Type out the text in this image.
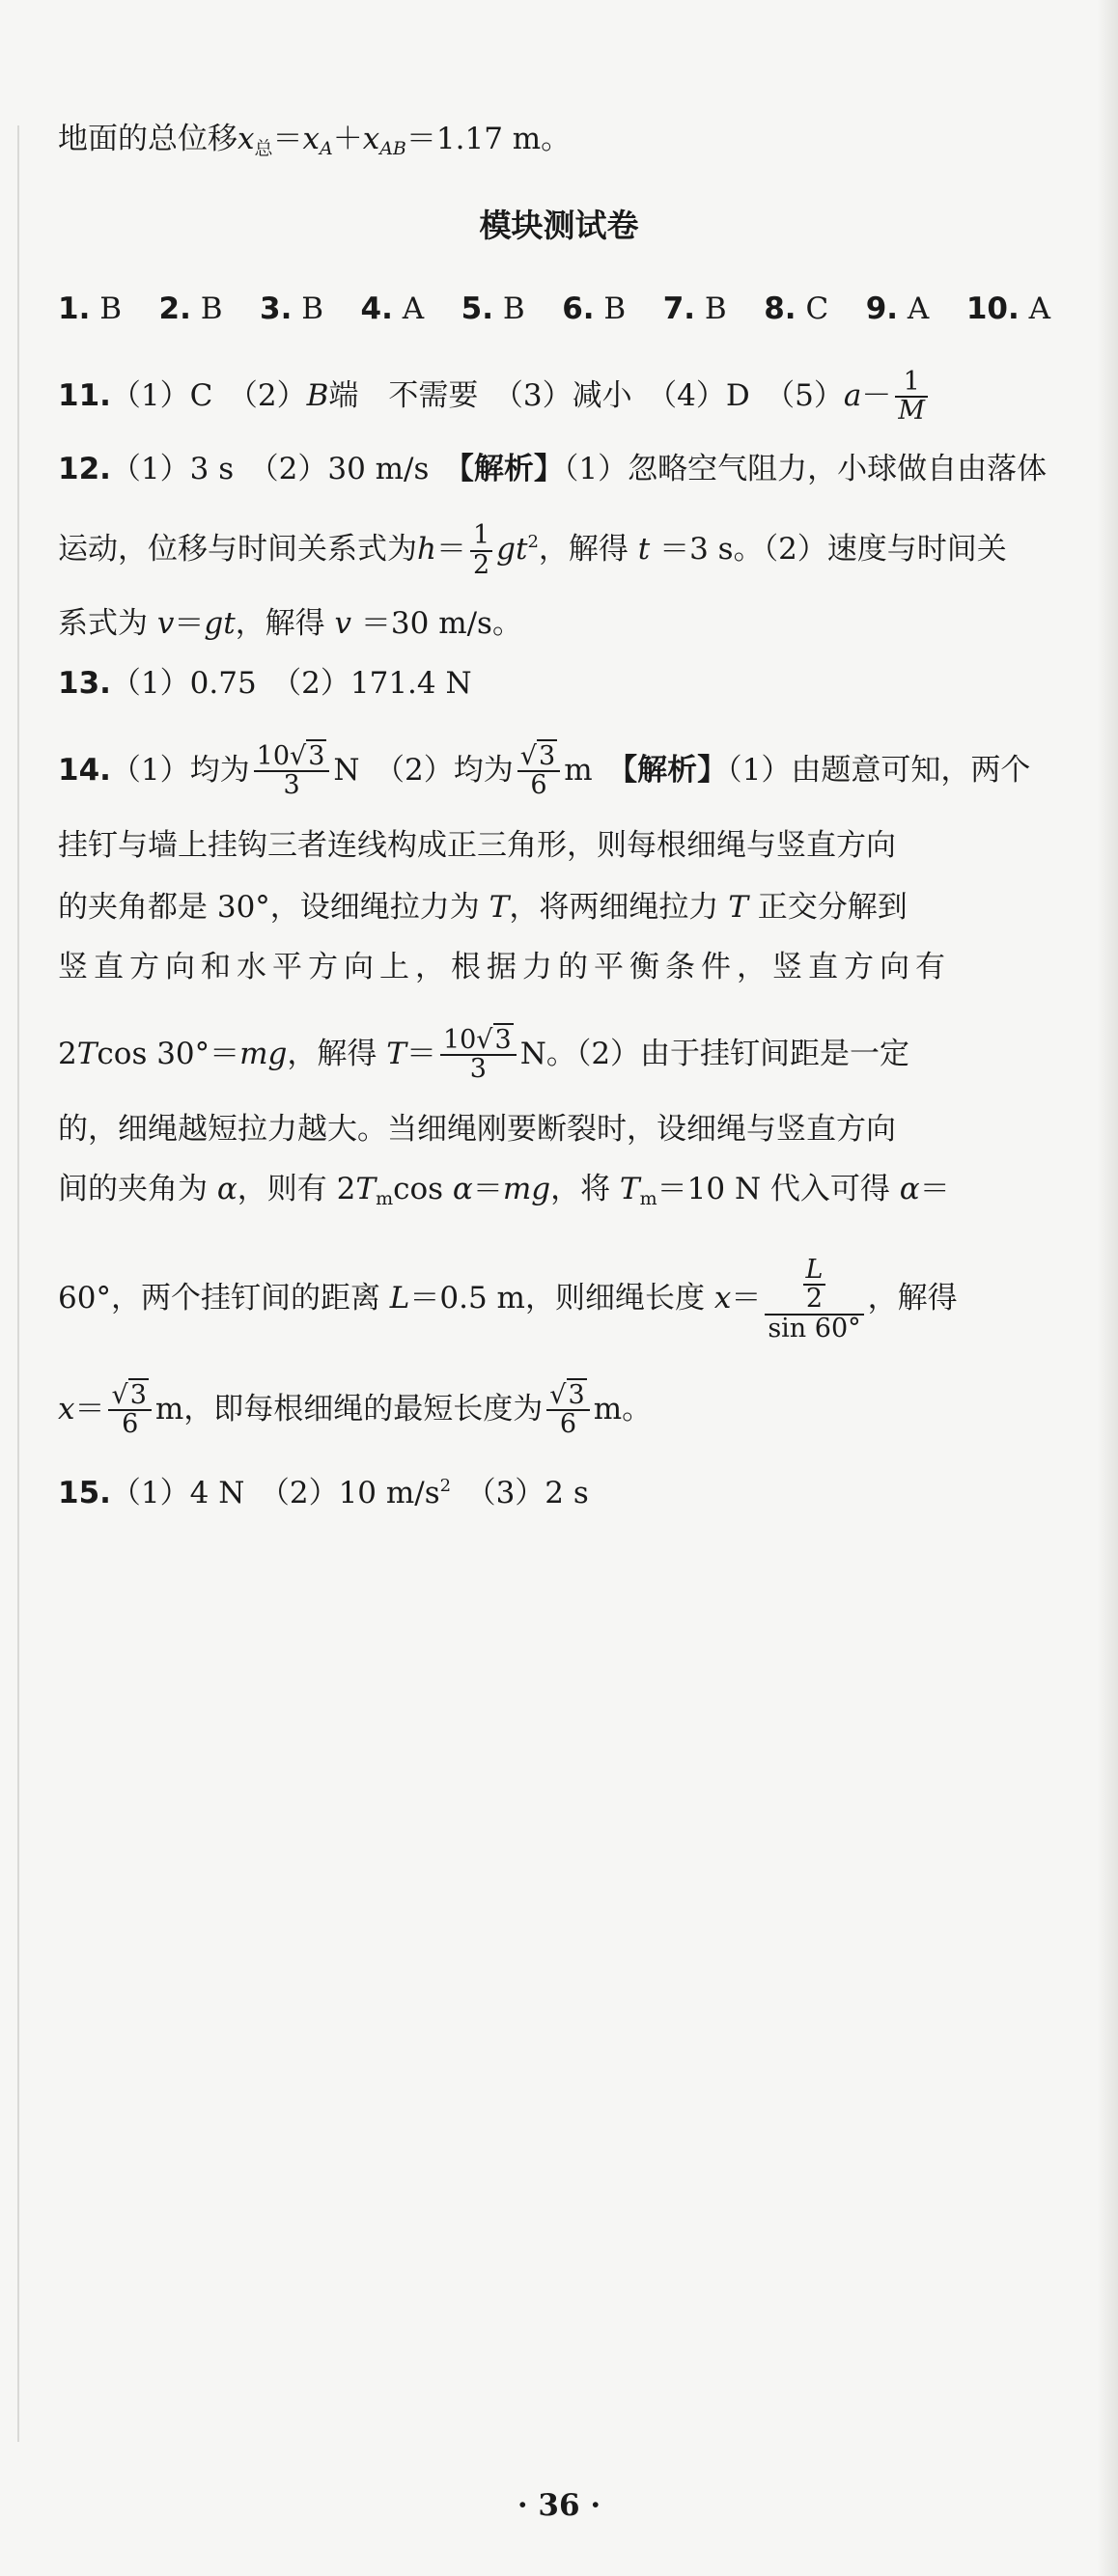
地面的总位移$x_总=x_A+x_{AB}=1.17$ m。
模块测试卷
1. B 2. B 3. B 4. A 5. B 6. B 7. B 8. C 9. A 10. A
11.（1）C　（2）B端　不需要　（3）减小　（4）D　$(5)a- \frac{1}{M}$
12.（1）3 s　（2）30 m/s　【解析】（1）忽略空气阻力，小球做自由落体
运动，位移与时间关系式为$h= \frac{1}{2} gt^2$，解得 t ＝3 s。（2）速度与时间关
系式为 v＝gt，解得 v ＝30 m/s。
13.（1）0.75　（2）171.4 N
14.（1）均为 $\frac{10√3}{3}$ N　（2）均为 $\frac{√3}{6}$ m　【解析】（1）由题意可知，两个
挂钉与墙上挂钩三者连线构成正三角形，则每根细绳与竖直方向
的夹角都是 30°，设细绳拉力为 T，将两细绳拉力 T 正交分解到
竖直方向和水平方向上，根据力的平衡条件，竖直方向有
2Tcos 30°＝mg，解得 $T= \frac{10√3}{3}$ N。（2）由于挂钉间距是一定
的，细绳越短拉力越大。当细绳刚要断裂时，设细绳与竖直方向
间的夹角为 α，则有 $2T_m\cos$ α＝mg，将 $T_m=10$ N 代入可得 α＝
60°，两个挂钉间的距离 L＝0.5 m，则细绳长度 $x= \frac{\frac{L}{2}}{\sin 60^\circ}$ ，解得
$x= \frac{√3}{6}$ m，即每根细绳的最短长度为 $\frac{√3}{6}$ m。
15.（1）4 N　（2）10 $m/s^2$　（3）2 s
· 36 ·
